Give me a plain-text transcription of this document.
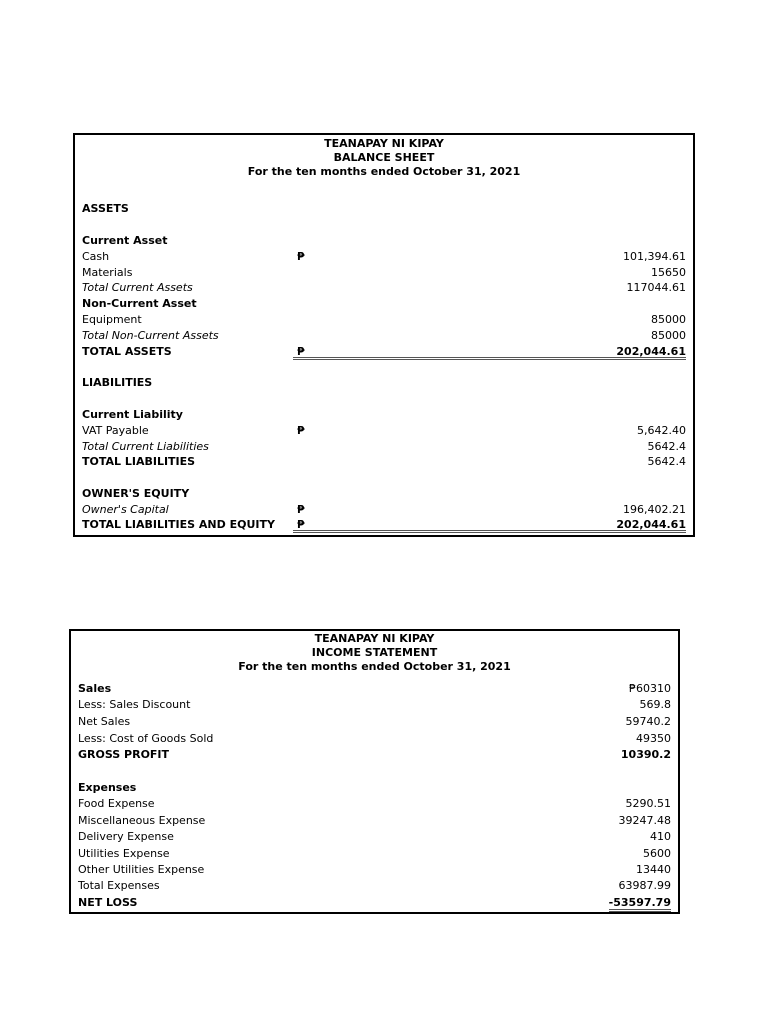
TEANAPAY NI KIPAY
BALANCE SHEET
For the ten months ended October 31, 2021
ASSETS
Current Asset
Cash	₱	101,394.61
Materials	15650
Total Current Assets	117044.61
Non-Current Asset
Equipment	85000
Total Non-Current Assets	85000
TOTAL ASSETS	₱	202,044.61
LIABILITIES
Current Liability
VAT Payable	₱	5,642.40
Total Current Liabilities	5642.4
TOTAL LIABILITIES	5642.4
OWNER'S EQUITY
Owner's Capital	₱	196,402.21
TOTAL LIABILITIES AND EQUITY ₱	202,044.61
TEANAPAY NI KIPAY
INCOME STATEMENT
For the ten months ended October 31, 2021
Sales	₱60310
Less: Sales Discount	569.8
Net Sales	59740.2
Less: Cost of Goods Sold	49350
GROSS PROFIT	10390.2
Expenses
Food Expense	5290.51
Miscellaneous Expense	39247.48
Delivery Expense	410
Utilities Expense	5600
Other Utilities Expense	13440
Total Expenses	63987.99
NET LOSS	-53597.79
